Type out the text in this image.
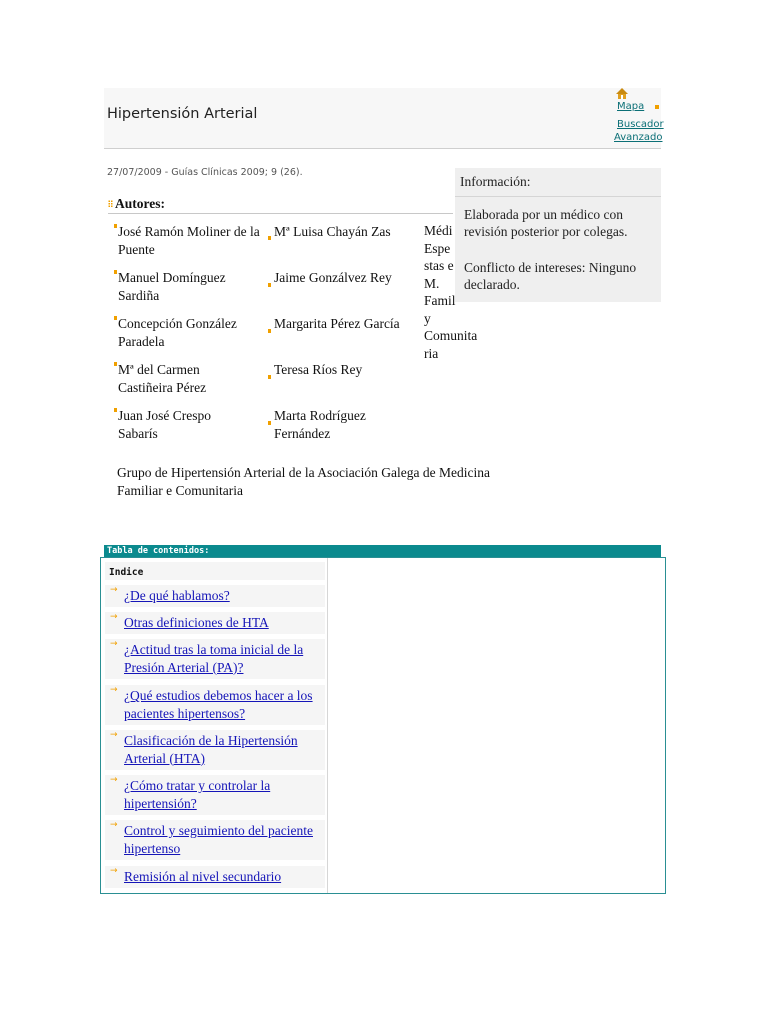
Hipertensión Arterial	Mapa
Buscador
Avanzado
27/07/2009 - Guías Clínicas 2009; 9 (26).
Información:
Elaborada por un médico con revisión posterior por colegas.
Conflicto de intereses: Ninguno declarado.
Autores:
José Ramón Moliner de la Puente
Manuel Domínguez Sardiña
Concepción González Paradela
Mª del Carmen Castiñeira Pérez
Juan José Crespo Sabarís
Mª Luisa Chayán Zas
Jaime Gonzálvez Rey
Margarita Pérez García
Teresa Ríos Rey
Marta Rodríguez Fernández
Médi
Espe
stas e
M.
Famil
y
Comunita
ria
Grupo de Hipertensión Arterial de la Asociación Galega de Medicina Familiar e Comunitaria
Tabla de contenidos:
Indice
→ ¿De qué hablamos?
→ Otras definiciones de HTA
→ ¿Actitud tras la toma inicial de la Presión Arterial (PA)?
→ ¿Qué estudios debemos hacer a los pacientes hipertensos?
→ Clasificación de la Hipertensión Arterial (HTA)
→ ¿Cómo tratar y controlar la hipertensión?
→ Control y seguimiento del paciente hipertenso
→ Remisión al nivel secundario
